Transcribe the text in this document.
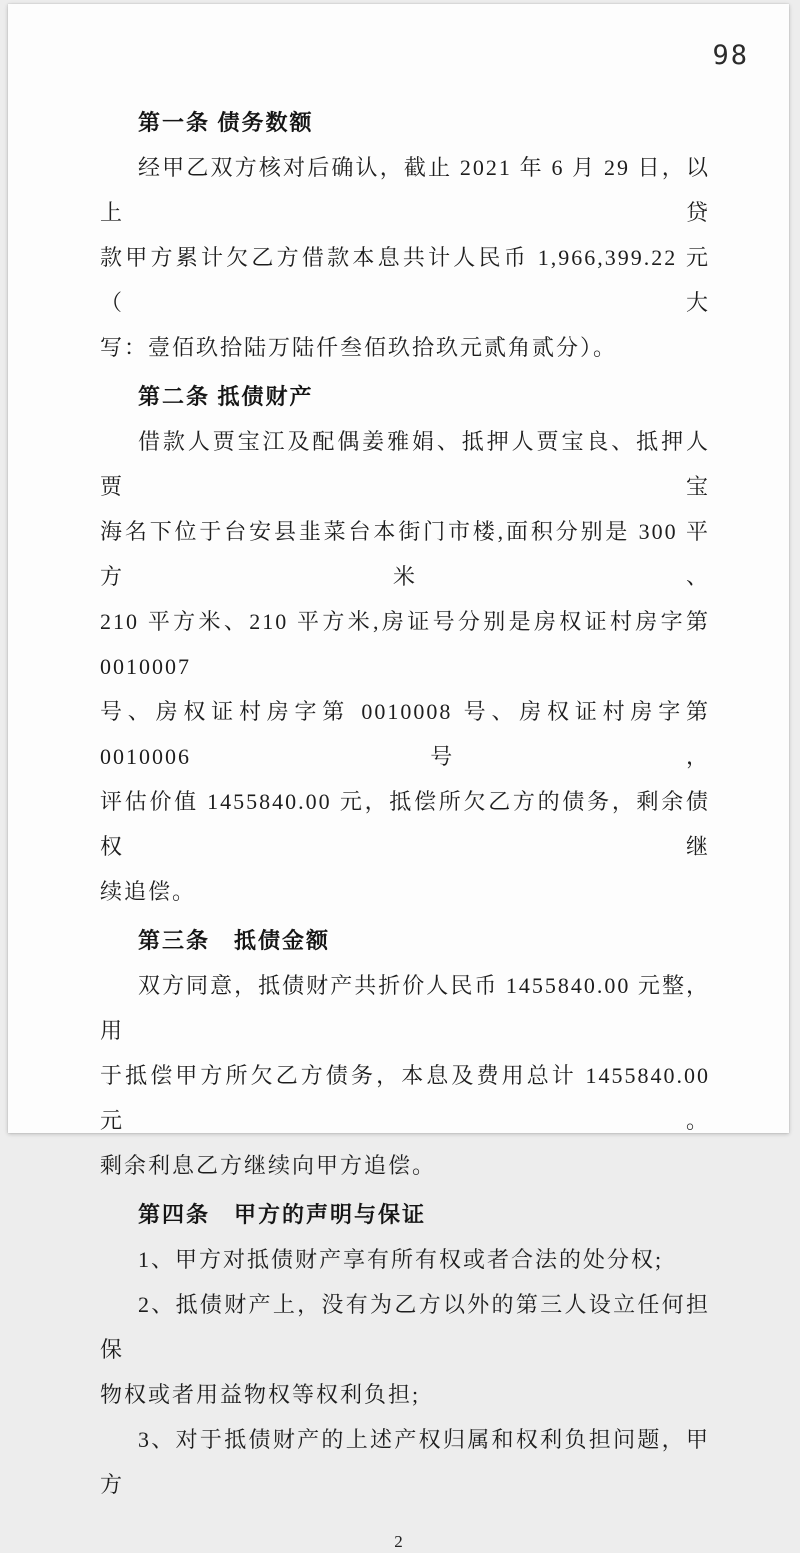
98
第一条 债务数额
经甲乙双方核对后确认，截止 2021 年 6 月 29 日，以上贷
款甲方累计欠乙方借款本息共计人民币 1,966,399.22 元（大
写：壹佰玖拾陆万陆仟叁佰玖拾玖元贰角贰分）。
第二条 抵债财产
借款人贾宝江及配偶姜雅娟、抵押人贾宝良、抵押人贾宝
海名下位于台安县韭菜台本街门市楼,面积分别是 300 平方米、
210 平方米、210 平方米,房证号分别是房权证村房字第 0010007
号、房权证村房字第 0010008 号、房权证村房字第 0010006 号，
评估价值 1455840.00 元，抵偿所欠乙方的债务，剩余债权继
续追偿。
第三条　抵债金额
双方同意，抵债财产共折价人民币 1455840.00 元整，用
于抵偿甲方所欠乙方债务，本息及费用总计 1455840.00 元。
剩余利息乙方继续向甲方追偿。
第四条　甲方的声明与保证
1、甲方对抵债财产享有所有权或者合法的处分权;
2、抵债财产上，没有为乙方以外的第三人设立任何担保
物权或者用益物权等权利负担;
3、对于抵债财产的上述产权归属和权利负担问题，甲方
2
